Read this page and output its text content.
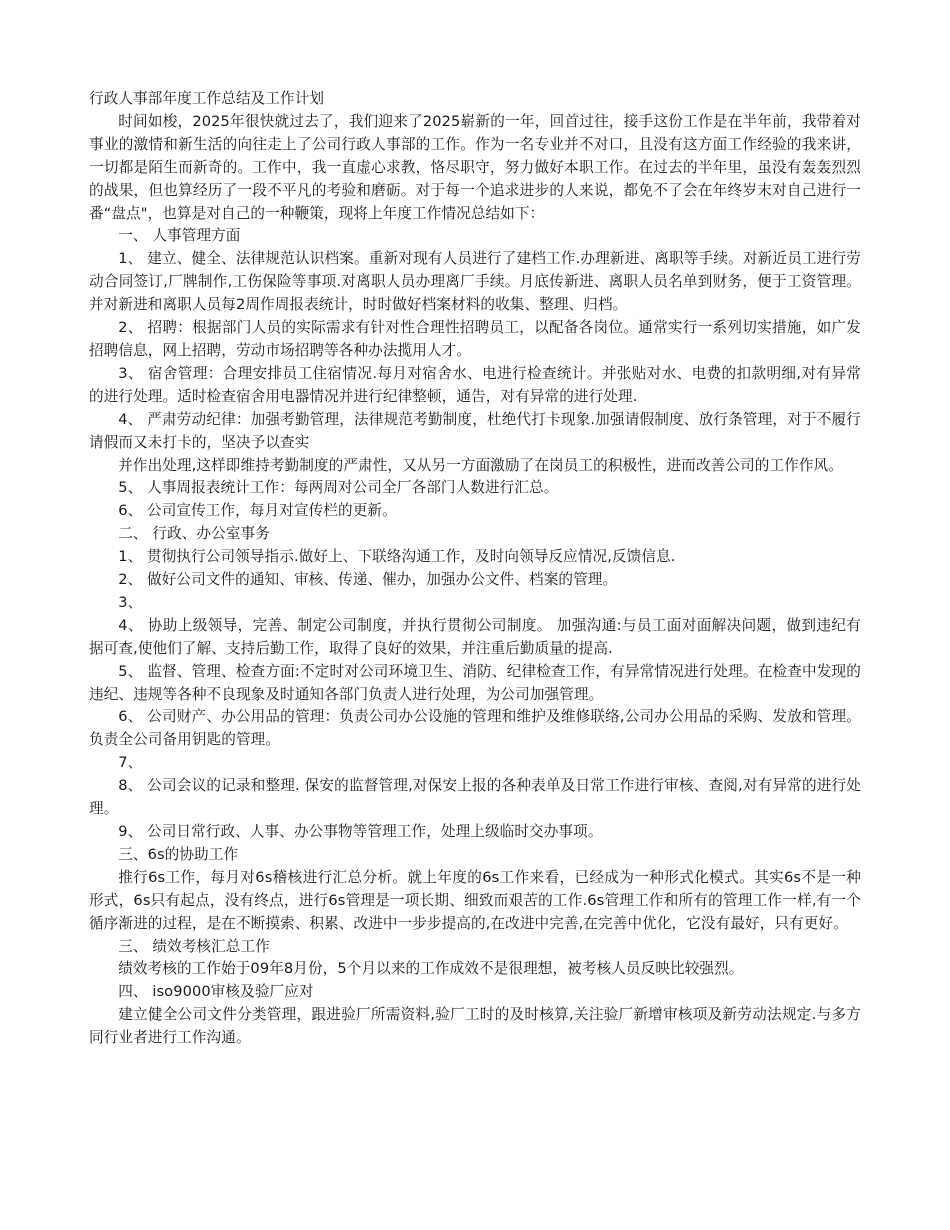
行政人事部年度工作总结及工作计划

时间如梭，2025年很快就过去了，我们迎来了2025崭新的一年，回首过往，接手这份工作是在半年前，我带着对事业的激情和新生活的向往走上了公司行政人事部的工作。作为一名专业并不对口，且没有这方面工作经验的我来讲，一切都是陌生而新奇的。工作中，我一直虚心求教，恪尽职守，努力做好本职工作。在过去的半年里，虽没有轰轰烈烈的战果，但也算经历了一段不平凡的考验和磨砺。对于每一个追求进步的人来说，都免不了会在年终岁末对自己进行一番“盘点"，也算是对自己的一种鞭策，现将上年度工作情况总结如下：

一、 人事管理方面

1、 建立、健全、法律规范认识档案。重新对现有人员进行了建档工作.办理新进、离职等手续。对新近员工进行劳动合同签订,厂牌制作,工伤保险等事项.对离职人员办理离厂手续。月底传新进、离职人员名单到财务，便于工资管理。并对新进和离职人员每2周作周报表统计，时时做好档案材料的收集、整理、归档。

2、 招聘：根据部门人员的实际需求有针对性合理性招聘员工，以配备各岗位。通常实行一系列切实措施，如广发招聘信息，网上招聘，劳动市场招聘等各种办法揽用人才。

3、 宿舍管理：合理安排员工住宿情况.每月对宿舍水、电进行检查统计。并张贴对水、电费的扣款明细,对有异常的进行处理。适时检查宿舍用电器情况并进行纪律整顿，通告，对有异常的进行处理.

4、 严肃劳动纪律：加强考勤管理，法律规范考勤制度，杜绝代打卡现象.加强请假制度、放行条管理，对于不履行请假而又未打卡的，坚决予以查实

并作出处理,这样即维持考勤制度的严肃性，又从另一方面激励了在岗员工的积极性，进而改善公司的工作作风。

5、 人事周报表统计工作：每两周对公司全厂各部门人数进行汇总。

6、 公司宣传工作，每月对宣传栏的更新。

二、 行政、办公室事务

1、 贯彻执行公司领导指示.做好上、下联络沟通工作，及时向领导反应情况,反馈信息.

2、 做好公司文件的通知、审核、传递、催办，加强办公文件、档案的管理。

3、

4、 协助上级领导，完善、制定公司制度，并执行贯彻公司制度。 加强沟通:与员工面对面解决问题，做到违纪有据可查,使他们了解、支持后勤工作，取得了良好的效果，并注重后勤质量的提高.

5、 监督、管理、检查方面:不定时对公司环境卫生、消防、纪律检查工作，有异常情况进行处理。在检查中发现的违纪、违规等各种不良现象及时通知各部门负责人进行处理，为公司加强管理。

6、 公司财产、办公用品的管理：负责公司办公设施的管理和维护及维修联络,公司办公用品的采购、发放和管理。负责全公司备用钥匙的管理。

7、

8、 公司会议的记录和整理. 保安的监督管理,对保安上报的各种表单及日常工作进行审核、查阅,对有异常的进行处理。

9、 公司日常行政、人事、办公事物等管理工作，处理上级临时交办事项。

三、6s的协助工作

推行6s工作，每月对6s稽核进行汇总分析。就上年度的6s工作来看，已经成为一种形式化模式。其实6s不是一种形式，6s只有起点，没有终点，进行6s管理是一项长期、细致而艰苦的工作.6s管理工作和所有的管理工作一样,有一个循序渐进的过程，是在不断摸索、积累、改进中一步步提高的,在改进中完善,在完善中优化，它没有最好，只有更好。

三、 绩效考核汇总工作

绩效考核的工作始于09年8月份，5个月以来的工作成效不是很理想，被考核人员反映比较强烈。

四、 iso9000审核及验厂应对

建立健全公司文件分类管理，跟进验厂所需资料,验厂工时的及时核算,关注验厂新增审核项及新劳动法规定.与多方同行业者进行工作沟通。
